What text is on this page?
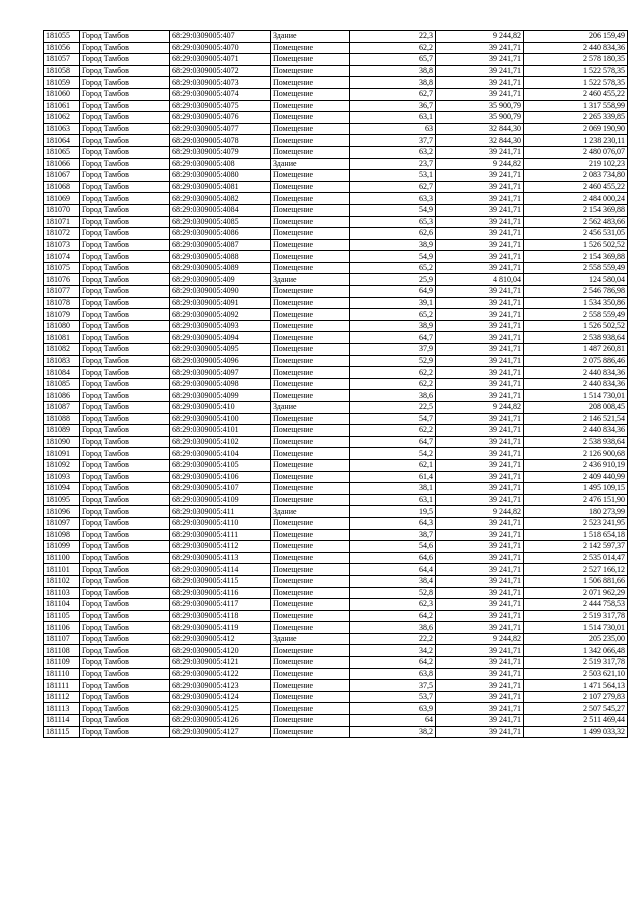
181055	Город Тамбов	68:29:0309005:407	Здание	22,3	9 244,82	206 159,49
181056	Город Тамбов	68:29:0309005:4070	Помещение	62,2	39 241,71	2 440 834,36
181057	Город Тамбов	68:29:0309005:4071	Помещение	65,7	39 241,71	2 578 180,35
181058	Город Тамбов	68:29:0309005:4072	Помещение	38,8	39 241,71	1 522 578,35
181059	Город Тамбов	68:29:0309005:4073	Помещение	38,8	39 241,71	1 522 578,35
181060	Город Тамбов	68:29:0309005:4074	Помещение	62,7	39 241,71	2 460 455,22
181061	Город Тамбов	68:29:0309005:4075	Помещение	36,7	35 900,79	1 317 558,99
181062	Город Тамбов	68:29:0309005:4076	Помещение	63,1	35 900,79	2 265 339,85
181063	Город Тамбов	68:29:0309005:4077	Помещение	63	32 844,30	2 069 190,90
181064	Город Тамбов	68:29:0309005:4078	Помещение	37,7	32 844,30	1 238 230,11
181065	Город Тамбов	68:29:0309005:4079	Помещение	63,2	39 241,71	2 480 076,07
181066	Город Тамбов	68:29:0309005:408	Здание	23,7	9 244,82	219 102,23
181067	Город Тамбов	68:29:0309005:4080	Помещение	53,1	39 241,71	2 083 734,80
181068	Город Тамбов	68:29:0309005:4081	Помещение	62,7	39 241,71	2 460 455,22
181069	Город Тамбов	68:29:0309005:4082	Помещение	63,3	39 241,71	2 484 000,24
181070	Город Тамбов	68:29:0309005:4084	Помещение	54,9	39 241,71	2 154 369,88
181071	Город Тамбов	68:29:0309005:4085	Помещение	65,3	39 241,71	2 562 483,66
181072	Город Тамбов	68:29:0309005:4086	Помещение	62,6	39 241,71	2 456 531,05
181073	Город Тамбов	68:29:0309005:4087	Помещение	38,9	39 241,71	1 526 502,52
181074	Город Тамбов	68:29:0309005:4088	Помещение	54,9	39 241,71	2 154 369,88
181075	Город Тамбов	68:29:0309005:4089	Помещение	65,2	39 241,71	2 558 559,49
181076	Город Тамбов	68:29:0309005:409	Здание	25,9	4 810,04	124 580,04
181077	Город Тамбов	68:29:0309005:4090	Помещение	64,9	39 241,71	2 546 786,98
181078	Город Тамбов	68:29:0309005:4091	Помещение	39,1	39 241,71	1 534 350,86
181079	Город Тамбов	68:29:0309005:4092	Помещение	65,2	39 241,71	2 558 559,49
181080	Город Тамбов	68:29:0309005:4093	Помещение	38,9	39 241,71	1 526 502,52
181081	Город Тамбов	68:29:0309005:4094	Помещение	64,7	39 241,71	2 538 938,64
181082	Город Тамбов	68:29:0309005:4095	Помещение	37,9	39 241,71	1 487 260,81
181083	Город Тамбов	68:29:0309005:4096	Помещение	52,9	39 241,71	2 075 886,46
181084	Город Тамбов	68:29:0309005:4097	Помещение	62,2	39 241,71	2 440 834,36
181085	Город Тамбов	68:29:0309005:4098	Помещение	62,2	39 241,71	2 440 834,36
181086	Город Тамбов	68:29:0309005:4099	Помещение	38,6	39 241,71	1 514 730,01
181087	Город Тамбов	68:29:0309005:410	Здание	22,5	9 244,82	208 008,45
181088	Город Тамбов	68:29:0309005:4100	Помещение	54,7	39 241,71	2 146 521,54
181089	Город Тамбов	68:29:0309005:4101	Помещение	62,2	39 241,71	2 440 834,36
181090	Город Тамбов	68:29:0309005:4102	Помещение	64,7	39 241,71	2 538 938,64
181091	Город Тамбов	68:29:0309005:4104	Помещение	54,2	39 241,71	2 126 900,68
181092	Город Тамбов	68:29:0309005:4105	Помещение	62,1	39 241,71	2 436 910,19
181093	Город Тамбов	68:29:0309005:4106	Помещение	61,4	39 241,71	2 409 440,99
181094	Город Тамбов	68:29:0309005:4107	Помещение	38,1	39 241,71	1 495 109,15
181095	Город Тамбов	68:29:0309005:4109	Помещение	63,1	39 241,71	2 476 151,90
181096	Город Тамбов	68:29:0309005:411	Здание	19,5	9 244,82	180 273,99
181097	Город Тамбов	68:29:0309005:4110	Помещение	64,3	39 241,71	2 523 241,95
181098	Город Тамбов	68:29:0309005:4111	Помещение	38,7	39 241,71	1 518 654,18
181099	Город Тамбов	68:29:0309005:4112	Помещение	54,6	39 241,71	2 142 597,37
181100	Город Тамбов	68:29:0309005:4113	Помещение	64,6	39 241,71	2 535 014,47
181101	Город Тамбов	68:29:0309005:4114	Помещение	64,4	39 241,71	2 527 166,12
181102	Город Тамбов	68:29:0309005:4115	Помещение	38,4	39 241,71	1 506 881,66
181103	Город Тамбов	68:29:0309005:4116	Помещение	52,8	39 241,71	2 071 962,29
181104	Город Тамбов	68:29:0309005:4117	Помещение	62,3	39 241,71	2 444 758,53
181105	Город Тамбов	68:29:0309005:4118	Помещение	64,2	39 241,71	2 519 317,78
181106	Город Тамбов	68:29:0309005:4119	Помещение	38,6	39 241,71	1 514 730,01
181107	Город Тамбов	68:29:0309005:412	Здание	22,2	9 244,82	205 235,00
181108	Город Тамбов	68:29:0309005:4120	Помещение	34,2	39 241,71	1 342 066,48
181109	Город Тамбов	68:29:0309005:4121	Помещение	64,2	39 241,71	2 519 317,78
181110	Город Тамбов	68:29:0309005:4122	Помещение	63,8	39 241,71	2 503 621,10
181111	Город Тамбов	68:29:0309005:4123	Помещение	37,5	39 241,71	1 471 564,13
181112	Город Тамбов	68:29:0309005:4124	Помещение	53,7	39 241,71	2 107 279,83
181113	Город Тамбов	68:29:0309005:4125	Помещение	63,9	39 241,71	2 507 545,27
181114	Город Тамбов	68:29:0309005:4126	Помещение	64	39 241,71	2 511 469,44
181115	Город Тамбов	68:29:0309005:4127	Помещение	38,2	39 241,71	1 499 033,32
